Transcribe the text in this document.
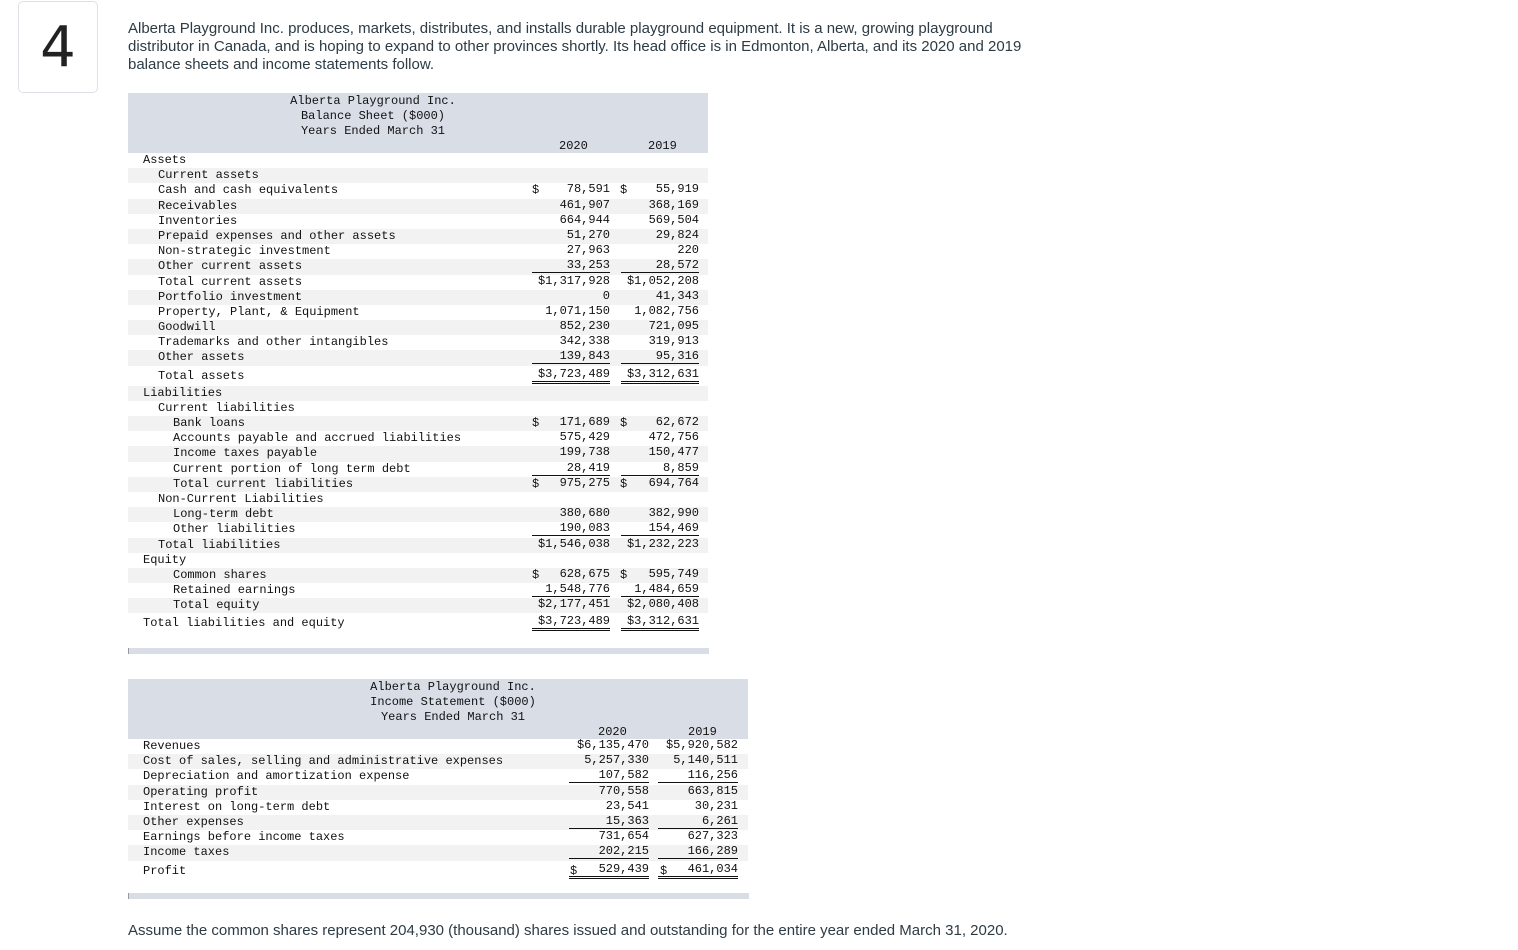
4	Alberta Playground Inc. produces, markets, distributes, and installs durable playground equipment. It is a new, growing playground distributor in Canada, and is hoping to expand to other provinces shortly. Its head office is in Edmonton, Alberta, and its 2020 and 2019 balance sheets and income statements follow.
Alberta Playground Inc.
Balance Sheet ($000)
Years Ended March 31
2020	2019
Assets
Current assets
Cash and cash equivalents	$	78,591 $	55,919
Receivables	461,907	368,169
Inventories	664,944	569,504
Prepaid expenses and other assets	51,270	29,824
Non-strategic investment	27,963	220
Other current assets	33,253	28,572
Total current assets	$1,317,928	$1,052,208
Portfolio investment	0	41,343
Property, Plant, & Equipment	1,071,150	1,082,756
Goodwill	852,230	721,095
Trademarks and other intangibles	342,338	319,913
Other assets	139,843	95,316
Total assets	$3,723,489	$3,312,631
Liabilities
Current liabilities
Bank loans	$	171,689 $	62,672
Accounts payable and accrued liabilities	575,429	472,756
Income taxes payable	199,738	150,477
Current portion of long term debt	28,419	8,859
Total current liabilities	$	975,275 $	694,764
Non-Current Liabilities
Long-term debt	380,680	382,990
Other liabilities	190,083	154,469
Total liabilities	$1,546,038	$1,232,223
Equity
Common shares	$	628,675 $	595,749
Retained earnings	1,548,776	1,484,659
Total equity	$2,177,451	$2,080,408
Total liabilities and equity	$3,723,489	$3,312,631
Alberta Playground Inc.
Income Statement ($000)
Years Ended March 31
2020	2019
Revenues	$6,135,470	$5,920,582
Cost of sales, selling and administrative expenses	5,257,330	5,140,511
Depreciation and amortization expense	107,582	116,256
Operating profit	770,558	663,815
Interest on long-term debt	23,541	30,231
Other expenses	15,363	6,261
Earnings before income taxes	731,654	627,323
Income taxes	202,215	166,289
Profit	$	529,439 $	461,034
Assume the common shares represent 204,930 (thousand) shares issued and outstanding for the entire year ended March 31, 2020.
